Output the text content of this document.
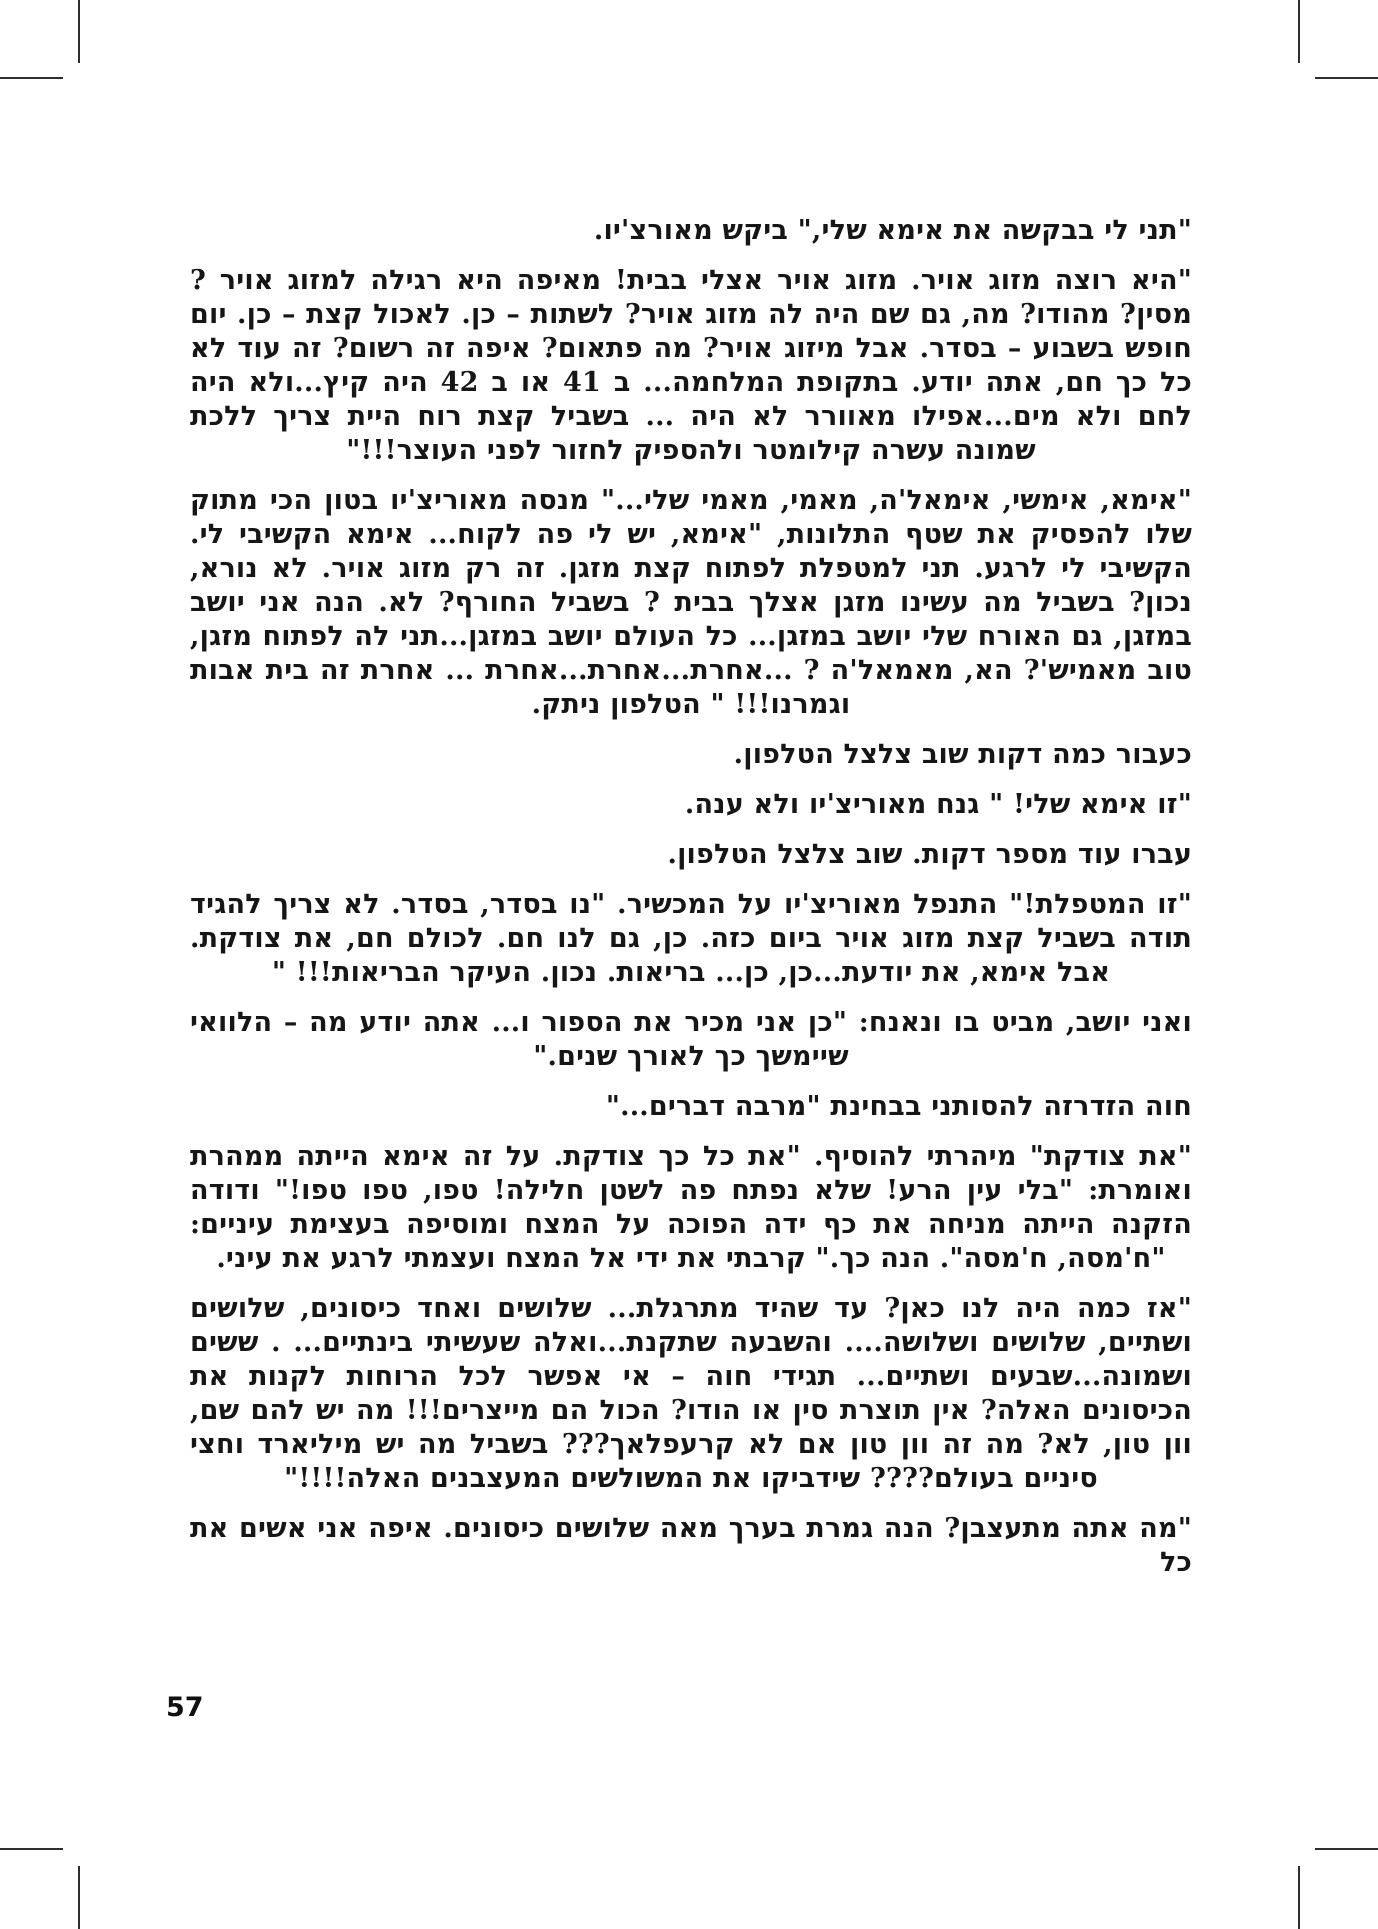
"תני לי בבקשה את אימא שלי," ביקש מאורצ'יו.

"היא רוצה מזוג אויר. מזוג אויר אצלי בבית! מאיפה היא רגילה למזוג אויר ? מסין? מהודו? מה, גם שם היה לה מזוג אויר? לשתות – כן. לאכול קצת – כן. יום חופש בשבוע – בסדר. אבל מיזוג אויר? מה פתאום? איפה זה רשום? זה עוד לא כל כך חם, אתה יודע. בתקופת המלחמה... ב 41 או ב 42 היה קיץ...ולא היה לחם ולא מים...אפילו מאוורר לא היה ... בשביל קצת רוח היית צריך ללכת שמונה עשרה קילומטר ולהספיק לחזור לפני העוצר!!!"

"אימא, אימשי, אימאל'ה, מאמי, מאמי שלי..." מנסה מאוריצ'יו בטון הכי מתוק שלו להפסיק את שטף התלונות, "אימא, יש לי פה לקוח... אימא הקשיבי לי. הקשיבי לי לרגע. תני למטפלת לפתוח קצת מזגן. זה רק מזוג אויר. לא נורא, נכון? בשביל מה עשינו מזגן אצלך בבית ? בשביל החורף? לא. הנה אני יושב במזגן, גם האורח שלי יושב במזגן... כל העולם יושב במזגן...תני לה לפתוח מזגן, טוב מאמיש'? הא, מאמאל'ה ? ...אחרת...אחרת...אחרת ... אחרת זה בית אבות וגמרנו!!! " הטלפון ניתק.

כעבור כמה דקות שוב צלצל הטלפון.

"זו אימא שלי! " גנח מאוריצ'יו ולא ענה.

עברו עוד מספר דקות. שוב צלצל הטלפון.

"זו המטפלת!" התנפל מאוריצ'יו על המכשיר. "נו בסדר, בסדר. לא צריך להגיד תודה בשביל קצת מזוג אויר ביום כזה. כן, גם לנו חם. לכולם חם, את צודקת. אבל אימא, את יודעת...כן, כן... בריאות. נכון. העיקר הבריאות!!! "

ואני יושב, מביט בו ונאנח: "כן אני מכיר את הספור ו... אתה יודע מה – הלוואי שיימשך כך לאורך שנים."

חוה הזדרזה להסותני בבחינת "מרבה דברים..."

"את צודקת" מיהרתי להוסיף. "את כל כך צודקת. על זה אימא הייתה ממהרת ואומרת: "בלי עין הרע! שלא נפתח פה לשטן חלילה! טפו, טפו טפו!" ודודה הזקנה הייתה מניחה את כף ידה הפוכה על המצח ומוסיפה בעצימת עיניים: "ח'מסה, ח'מסה". הנה כך." קרבתי את ידי אל המצח ועצמתי לרגע את עיני.

"אז כמה היה לנו כאן? עד שהיד מתרגלת... שלושים ואחד כיסונים, שלושים ושתיים, שלושים ושלושה.... והשבעה שתקנת...ואלה שעשיתי בינתיים... . ששים ושמונה...שבעים ושתיים... תגידי חוה – אי אפשר לכל הרוחות לקנות את הכיסונים האלה? אין תוצרת סין או הודו? הכול הם מייצרים!!! מה יש להם שם, וון טון, לא? מה זה וון טון אם לא קרעפלאך??? בשביל מה יש מיליארד וחצי סיניים בעולם???? שידביקו את המשולשים המעצבנים האלה!!!!"

"מה אתה מתעצבן? הנה גמרת בערך מאה שלושים כיסונים. איפה אני אשים את כל

57
